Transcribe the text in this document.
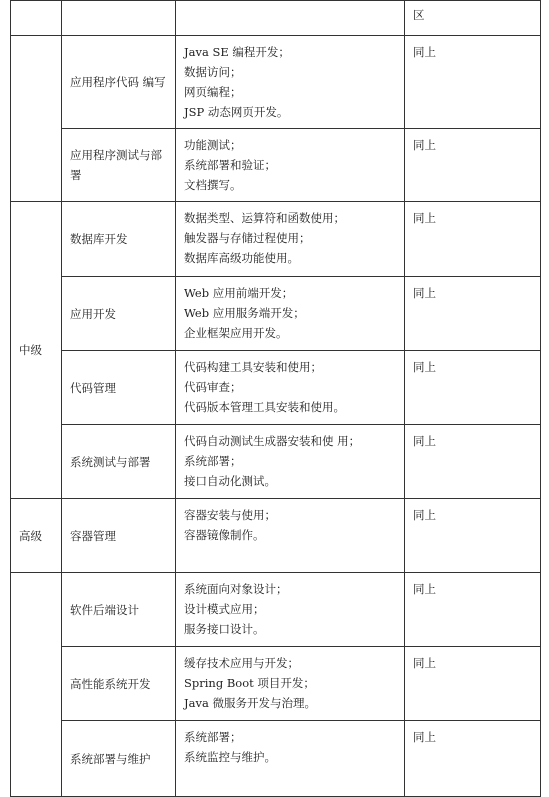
			区
	应用程序代码 编写	Java SE 编程开发；
数据访问；
网页编程；
JSP 动态网页开发。	同上
	应用程序测试与部署	功能测试；
系统部署和验证；
文档撰写。	同上
中级	数据库开发	数据类型、运算符和函数使用；
触发器与存储过程使用；
数据库高级功能使用。	同上
	应用开发	Web 应用前端开发；
Web 应用服务端开发；
企业框架应用开发。	同上
	代码管理	代码构建工具安装和使用；
代码审查；
代码版本管理工具安装和使用。	同上
	系统测试与部署	代码自动测试生成器安装和使 用；
系统部署；
接口自动化测试。	同上
高级	容器管理	容器安装与使用；
容器镜像制作。	同上
	软件后端设计	系统面向对象设计；
设计模式应用；
服务接口设计。	同上
	高性能系统开发	缓存技术应用与开发；
Spring Boot 项目开发；
Java 微服务开发与治理。	同上
	系统部署与维护	系统部署；
系统监控与维护。	同上
